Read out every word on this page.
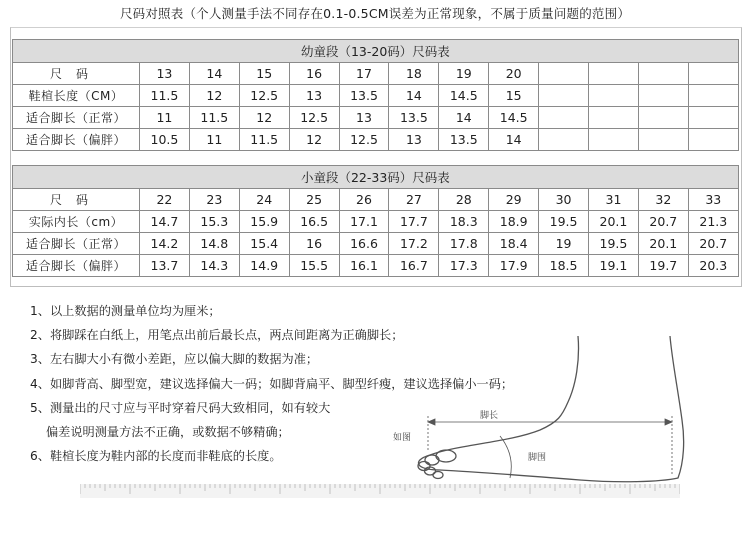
尺码对照表（个人测量手法不同存在0.1-0.5CM误差为正常现象，不属于质量问题的范围）
幼童段（13-20码）尺码表												
尺码	13	14	15	16	17	18	19	20				
鞋楦长度（CM）	11.5	12	12.5	13	13.5	14	14.5	15				
适合脚长（正常）	11	11.5	12	12.5	13	13.5	14	14.5				
适合脚长（偏胖）	10.5	11	11.5	12	12.5	13	13.5	14				
小童段（22-33码）尺码表												
尺码	22	23	24	25	26	27	28	29	30	31	32	33
实际内长（cm）	14.7	15.3	15.9	16.5	17.1	17.7	18.3	18.9	19.5	20.1	20.7	21.3
适合脚长（正常）	14.2	14.8	15.4	16	16.6	17.2	17.8	18.4	19	19.5	20.1	20.7
适合脚长（偏胖）	13.7	14.3	14.9	15.5	16.1	16.7	17.3	17.9	18.5	19.1	19.7	20.3
1、以上数据的测量单位均为厘米；
2、将脚踩在白纸上，用笔点出前后最长点，两点间距离为正确脚长；
3、左右脚大小有微小差距，应以偏大脚的数据为准；
4、如脚背高、脚型宽，建议选择偏大一码；如脚背扁平、脚型纤瘦，建议选择偏小一码；
5、测量出的尺寸应与平时穿着尺码大致相同，如有较大
偏差说明测量方法不正确，或数据不够精确；
6、鞋楦长度为鞋内部的长度而非鞋底的长度。
脚长
脚围
如图
